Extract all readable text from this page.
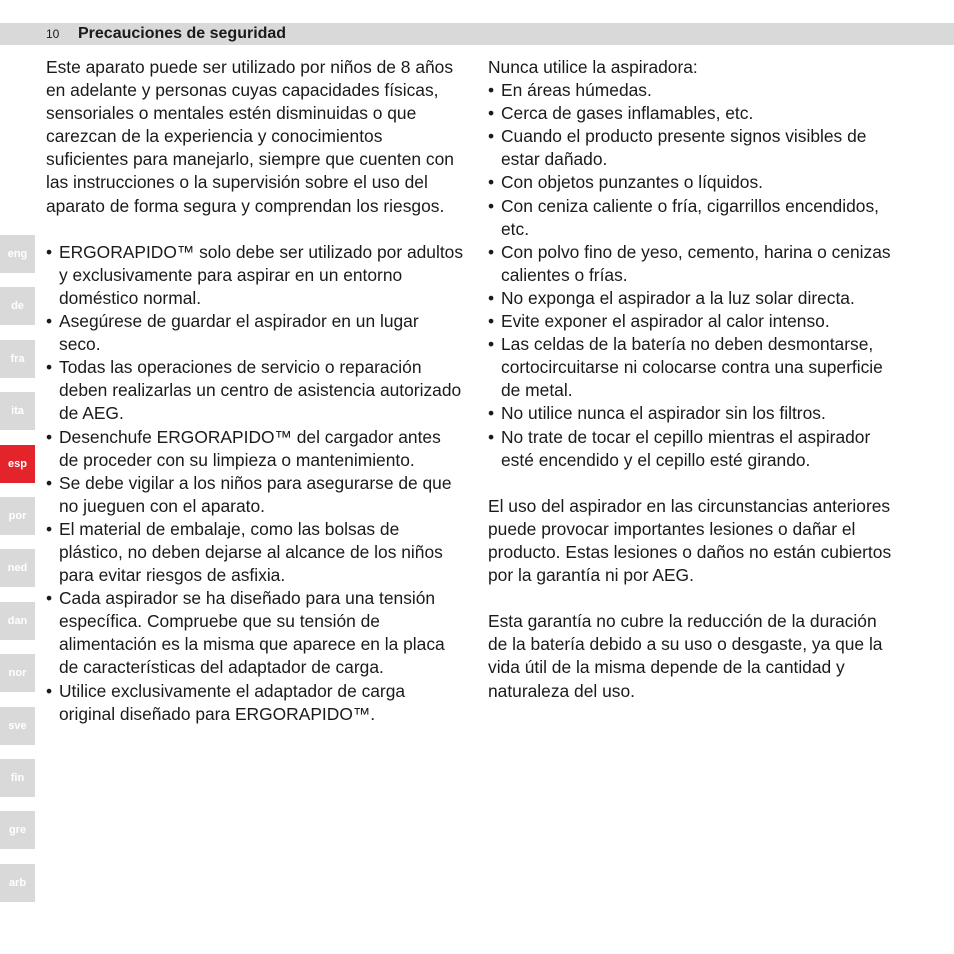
10 Precauciones de seguridad
eng
de
fra
ita
esp
por
ned
dan
nor
sve
fin
gre
arb

Este aparato puede ser utilizado por niños de 8 años en adelante y personas cuyas capacidades físicas, sensoriales o mentales estén disminuidas o que carezcan de la experiencia y conocimientos suficientes para manejarlo, siempre que cuenten con las instrucciones o la supervisión sobre el uso del aparato de forma segura y comprendan los riesgos.

• ERGORAPIDO™ solo debe ser utilizado por adultos y exclusivamente para aspirar en un entorno doméstico normal.
• Asegúrese de guardar el aspirador en un lugar seco.
• Todas las operaciones de servicio o reparación deben realizarlas un centro de asistencia autorizado de AEG.
• Desenchufe ERGORAPIDO™ del cargador antes de proceder con su limpieza o mantenimiento.
• Se debe vigilar a los niños para asegurarse de que no jueguen con el aparato.
• El material de embalaje, como las bolsas de plástico, no deben dejarse al alcance de los niños para evitar riesgos de asfixia.
• Cada aspirador se ha diseñado para una tensión específica. Compruebe que su tensión de alimentación es la misma que aparece en la placa de características del adaptador de carga.
• Utilice exclusivamente el adaptador de carga original diseñado para ERGORAPIDO™.

Nunca utilice la aspiradora:

• En áreas húmedas.
• Cerca de gases inflamables, etc.
• Cuando el producto presente signos visibles de estar dañado.
• Con objetos punzantes o líquidos.
• Con ceniza caliente o fría, cigarrillos encendidos, etc.
• Con polvo fino de yeso, cemento, harina o cenizas calientes o frías.
• No exponga el aspirador a la luz solar directa.
• Evite exponer el aspirador al calor intenso.
• Las celdas de la batería no deben desmontarse, cortocircuitarse ni colocarse contra una superficie de metal.
• No utilice nunca el aspirador sin los filtros.
• No trate de tocar el cepillo mientras el aspirador esté encendido y el cepillo esté girando.

El uso del aspirador en las circunstancias anteriores puede provocar importantes lesiones o dañar el producto. Estas lesiones o daños no están cubiertos por la garantía ni por AEG.

Esta garantía no cubre la reducción de la duración de la batería debido a su uso o desgaste, ya que la vida útil de la misma depende de la cantidad y naturaleza del uso.
